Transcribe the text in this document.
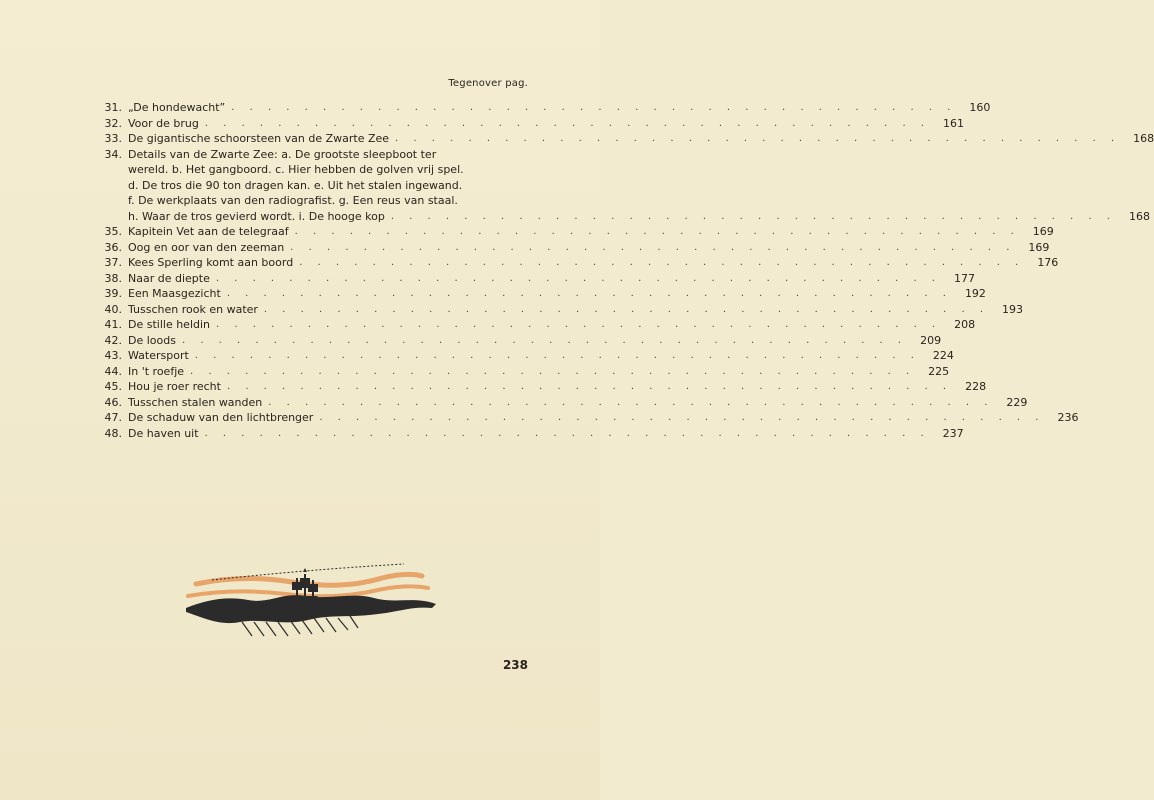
Tegenover pag.
31. „De hondewacht” . . . . . . . . . . . . . . . . . . . . . . . . . . . . . . . . . . . . . . . .	160
32. Voor de brug . . . . . . . . . . . . . . . . . . . . . . . . . . . . . . . . . . . . . . . .	161
33. De gigantische schoorsteen van de Zwarte Zee . . . . . . . . . . . . . . . . . . . . . . . . . . . . . . . . . . . . . . . .	168
34. Details van de Zwarte Zee: a. De grootste sleepboot ter
wereld. b. Het gangboord. c. Hier hebben de golven vrij spel.
d. De tros die 90 ton dragen kan. e. Uit het stalen ingewand.
f. De werkplaats van den radiografist. g. Een reus van staal.
h. Waar de tros gevierd wordt. i. De hooge kop . . . . . . . . . . . . . . . . . . . . . . . . . . . . . . . . . . . . . . . .	168
35. Kapitein Vet aan de telegraaf . . . . . . . . . . . . . . . . . . . . . . . . . . . . . . . . . . . . . . . .	169
36. Oog en oor van den zeeman . . . . . . . . . . . . . . . . . . . . . . . . . . . . . . . . . . . . . . . .	169
37. Kees Sperling komt aan boord . . . . . . . . . . . . . . . . . . . . . . . . . . . . . . . . . . . . . . . .	176
38. Naar de diepte . . . . . . . . . . . . . . . . . . . . . . . . . . . . . . . . . . . . . . . .	177
39. Een Maasgezicht . . . . . . . . . . . . . . . . . . . . . . . . . . . . . . . . . . . . . . . .	192
40. Tusschen rook en water . . . . . . . . . . . . . . . . . . . . . . . . . . . . . . . . . . . . . . . .	193
41. De stille heldin . . . . . . . . . . . . . . . . . . . . . . . . . . . . . . . . . . . . . . . .	208
42. De loods . . . . . . . . . . . . . . . . . . . . . . . . . . . . . . . . . . . . . . . .	209
43. Watersport . . . . . . . . . . . . . . . . . . . . . . . . . . . . . . . . . . . . . . . .	224
44. In 't roefje . . . . . . . . . . . . . . . . . . . . . . . . . . . . . . . . . . . . . . . .	225
45. Hou je roer recht . . . . . . . . . . . . . . . . . . . . . . . . . . . . . . . . . . . . . . . .	228
46. Tusschen stalen wanden . . . . . . . . . . . . . . . . . . . . . . . . . . . . . . . . . . . . . . . .	229
47. De schaduw van den lichtbrenger . . . . . . . . . . . . . . . . . . . . . . . . . . . . . . . . . . . . . . . .	236
48. De haven uit . . . . . . . . . . . . . . . . . . . . . . . . . . . . . . . . . . . . . . . .	237
238
